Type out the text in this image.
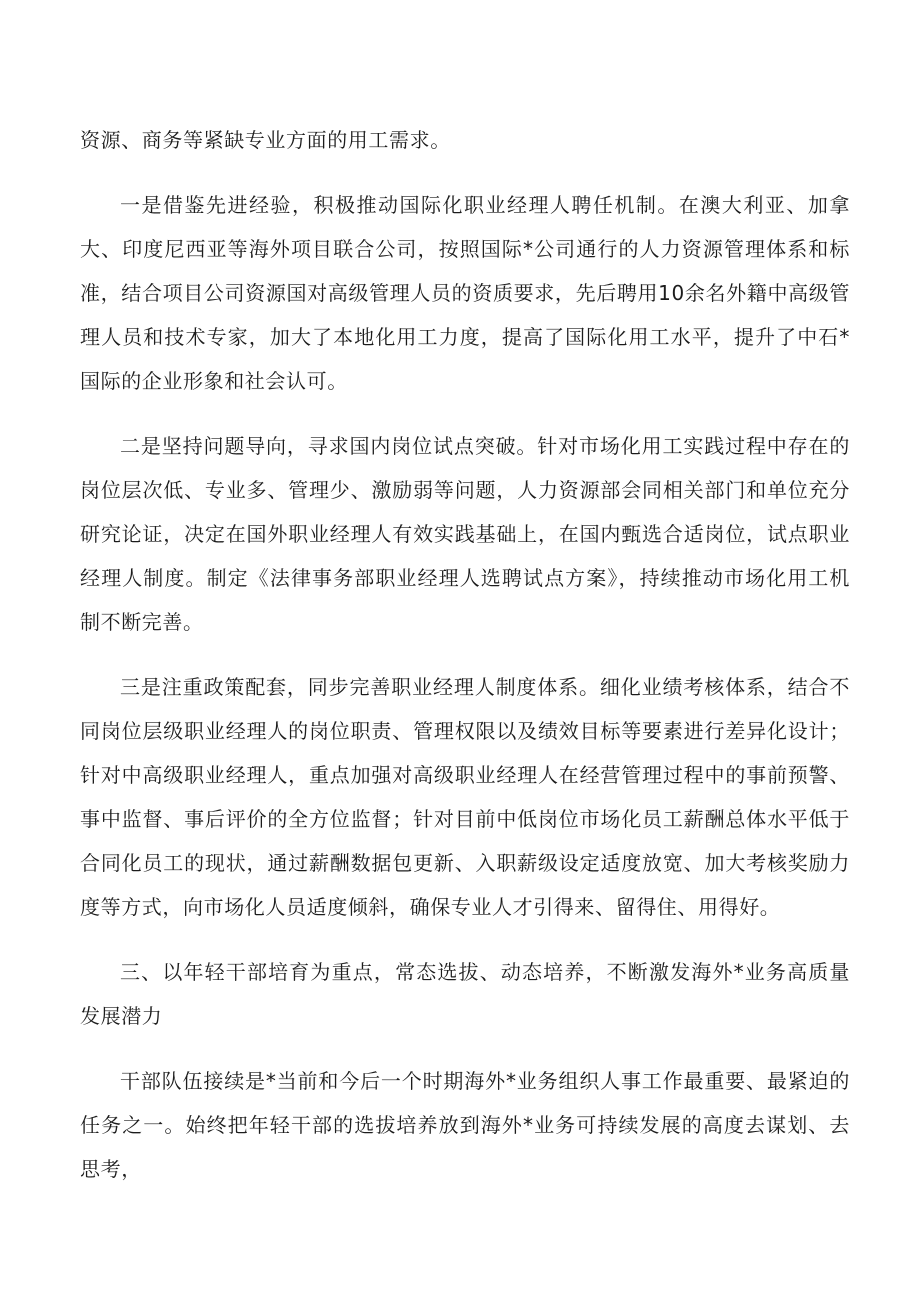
资源、商务等紧缺专业方面的用工需求。

一是借鉴先进经验，积极推动国际化职业经理人聘任机制。在澳大利亚、加拿大、印度尼西亚等海外项目联合公司，按照国际*公司通行的人力资源管理体系和标准，结合项目公司资源国对高级管理人员的资质要求，先后聘用10余名外籍中高级管理人员和技术专家，加大了本地化用工力度，提高了国际化用工水平，提升了中石*国际的企业形象和社会认可。

二是坚持问题导向，寻求国内岗位试点突破。针对市场化用工实践过程中存在的岗位层次低、专业多、管理少、激励弱等问题，人力资源部会同相关部门和单位充分研究论证，决定在国外职业经理人有效实践基础上，在国内甄选合适岗位，试点职业经理人制度。制定《法律事务部职业经理人选聘试点方案》，持续推动市场化用工机制不断完善。

三是注重政策配套，同步完善职业经理人制度体系。细化业绩考核体系，结合不同岗位层级职业经理人的岗位职责、管理权限以及绩效目标等要素进行差异化设计；针对中高级职业经理人，重点加强对高级职业经理人在经营管理过程中的事前预警、事中监督、事后评价的全方位监督；针对目前中低岗位市场化员工薪酬总体水平低于合同化员工的现状，通过薪酬数据包更新、入职薪级设定适度放宽、加大考核奖励力度等方式，向市场化人员适度倾斜，确保专业人才引得来、留得住、用得好。

三、以年轻干部培育为重点，常态选拔、动态培养，不断激发海外*业务高质量发展潜力

干部队伍接续是*当前和今后一个时期海外*业务组织人事工作最重要、最紧迫的任务之一。始终把年轻干部的选拔培养放到海外*业务可持续发展的高度去谋划、去思考，
